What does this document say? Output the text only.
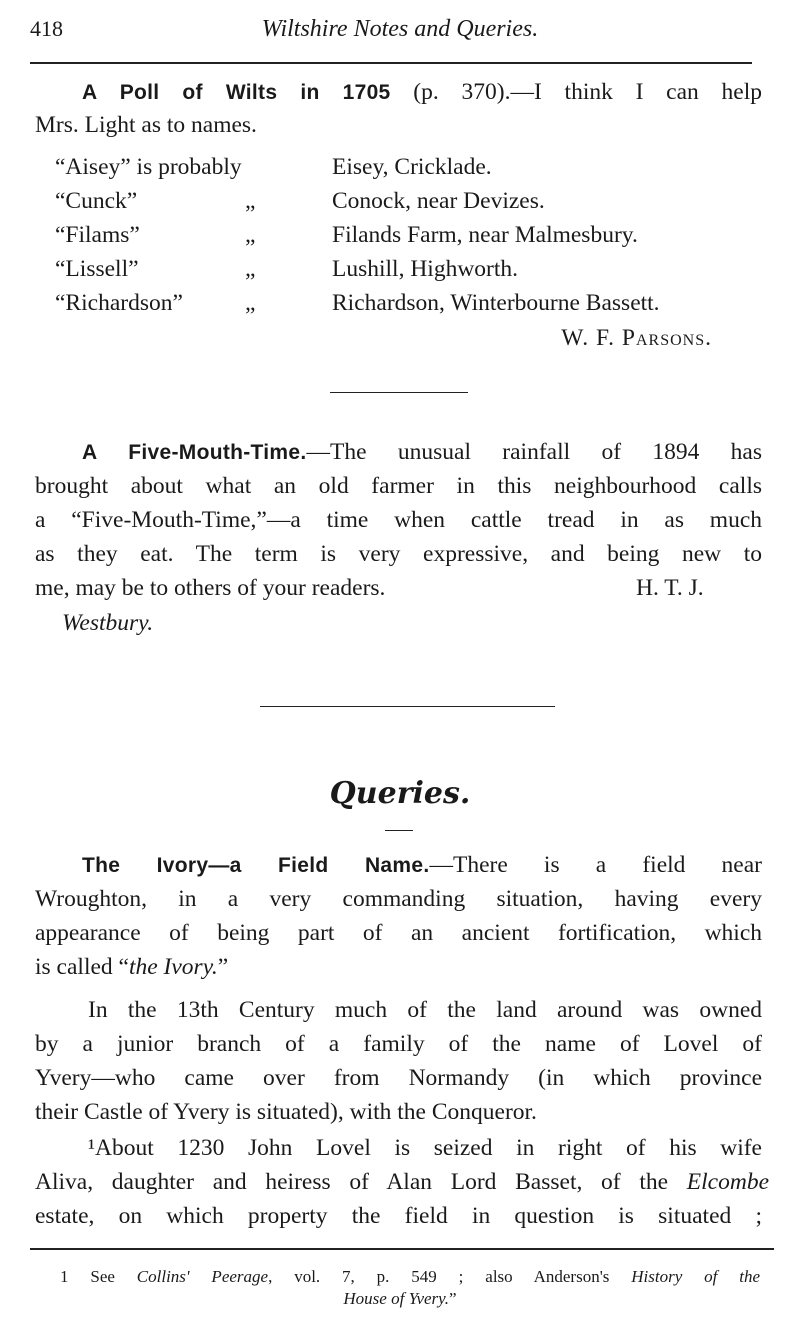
418	Wiltshire Notes and Queries.
“Aisey” is probably	Eisey, Cricklade.
“Cunck”	„	Conock, near Devizes.
“Filams”	„	Filands Farm, near Malmesbury.
“Lissell”	„	Lushill, Highworth.
“Richardson”	„	Richardson, Winterbourne Bassett.
W. F. Parsons.
H. T. J.
Westbury.
Queries.
A Poll of Wilts in 1705 (p. 370).—I think I can help
Mrs. Light as to names.
A Five-Mouth-Time.—The unusual rainfall of 1894 has
brought about what an old farmer in this neighbourhood calls
a “Five-Mouth-Time,”—a time when cattle tread in as much
as they eat. The term is very expressive, and being new to
me, may be to others of your readers.
The Ivory—a Field Name.—There is a field near
Wroughton, in a very commanding situation, having every
appearance of being part of an ancient fortification, which
is called “the Ivory.”
In the 13th Century much of the land around was owned
by a junior branch of a family of the name of Lovel of
Yvery—who came over from Normandy (in which province
their Castle of Yvery is situated), with the Conqueror.
¹About 1230 John Lovel is seized in right of his wife
Aliva, daughter and heiress of Alan Lord Basset, of the Elcombe
estate, on which property the field in question is situated ;
1 See Collins' Peerage, vol. 7, p. 549 ; also Anderson's History of the
House of Yvery.”
